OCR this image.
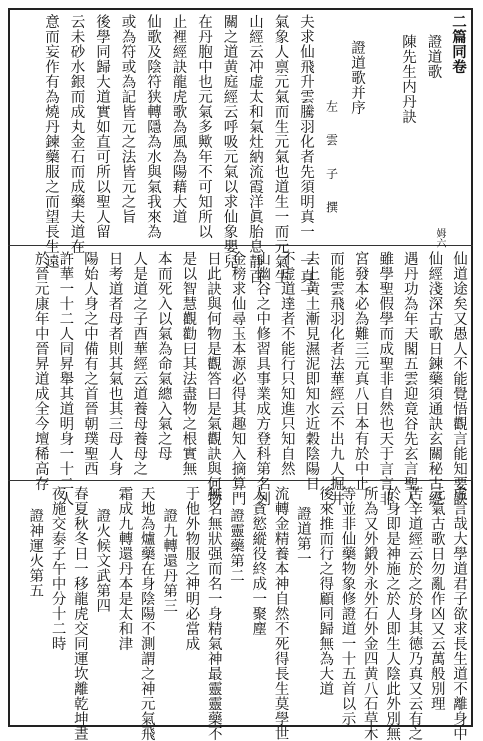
姆六
二篇同卷
證道歌
陳先生内丹訣
證道歌并序
左 　 雲 　 子 　 撰
夫求仙飛升雲騰羽化者先須明真一　一真一
氣象人禀元氣而生元氣也道生一而元氣生
山經云冲虚太和氣灶納流霞洋眞胎息靜百
關之道黄庭經云呼吸元氣以求仙象嬰兒
在丹胞中也元氣多歟年不可知所以
止裡經訣龍虎歌為風為陽藉大道
仙歌及陰符狭轉隱為水與氣我來為
或為符或為記皆元之法皆元之旨
後學同歸大道實如直可所以聖人留
云未砂水銀而成丸金石而成藥夫道在
意而妄作有為燒丹鍊藥服之而望長生遠
仙道途矣又愚人不能覺悟觀言能知要訣
仙經淺深古歌日鍊藥須通訣玄關秘古經
遇丹功為年天閣五雲迎竟谷先玄言聖人
雖學聖假學而成聖非自然也天于言言非
宮發本必為難三元真八日本有於中止
而能雲飛羽化者法華經云不出九人掘井
去上黄土漸見濕泥即知水近穀陰陽日
不虚道達者不能行只知進只知自然
山幽谷之中修習具事業成方登科第名列
金榜求仙尋玉本源必得其趣知入摘算門
日此訣與何物是觀答曰是氣觀訣與何物
是以智慧觀勸曰其法盡物之根實無
本而死入以氣為命氣總入氣之母
人是道之子酉華經云道養母養母之
日考道者母者則其氣也其三母人身
陽始人身之中備有之首晉朝璞聖西
許華一十二人同昇舉其道明身一十二人
於晉元康年中晉昇道成全今壇稀高存
虚言哉大學道君子欲求長生道不離身中
元氣古歌日勿亂作凶又云萬般別理
苦辛道經云於之於身其德乃真又云有之
於身即是神施之於人即生人陰此外別無
所為又外鍛外永外石外金四黄八石草木
等並非仙藥物象修證道一十五首以示
後來推而行之得顧同歸無為大道
證道第一
流轉金精養本神自然不死得長生莫學世
人貪慾縱役終成一聚塵
證靈藥第二
無名無狀强而名一身精氣神最靈靈藥不
于他外物服之神明必當成
證九轉還丹第三
天地為爐藥在身陰陽不測謂之神元氣飛
霜成九轉還丹本是太和津
證火候文武第四
春夏秋冬日一移龍虎交同運坎離乾坤晝
夜施交泰子午中分十二時
證神運火第五
